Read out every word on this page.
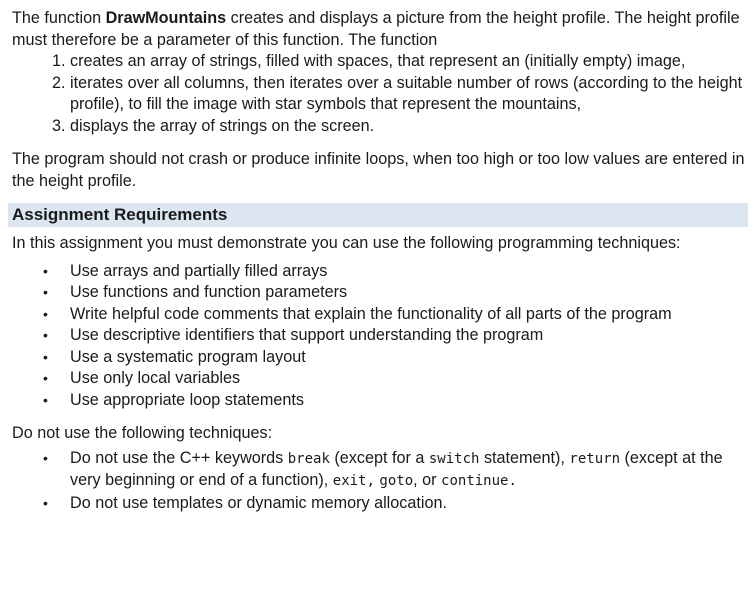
The function DrawMountains creates and displays a picture from the height profile. The height profile must therefore be a parameter of this function. The function

1. creates an array of strings, filled with spaces, that represent an (initially empty) image,
2. iterates over all columns, then iterates over a suitable number of rows (according to the height profile), to fill the image with star symbols that represent the mountains,
3. displays the array of strings on the screen.

The program should not crash or produce infinite loops, when too high or too low values are entered in the height profile.

Assignment Requirements

In this assignment you must demonstrate you can use the following programming techniques:

• Use arrays and partially filled arrays
• Use functions and function parameters
• Write helpful code comments that explain the functionality of all parts of the program
• Use descriptive identifiers that support understanding the program
• Use a systematic program layout
• Use only local variables
• Use appropriate loop statements

Do not use the following techniques:

• Do not use the C++ keywords break (except for a switch statement), return (except at the very beginning or end of a function), exit, goto, or continue.
• Do not use templates or dynamic memory allocation.
